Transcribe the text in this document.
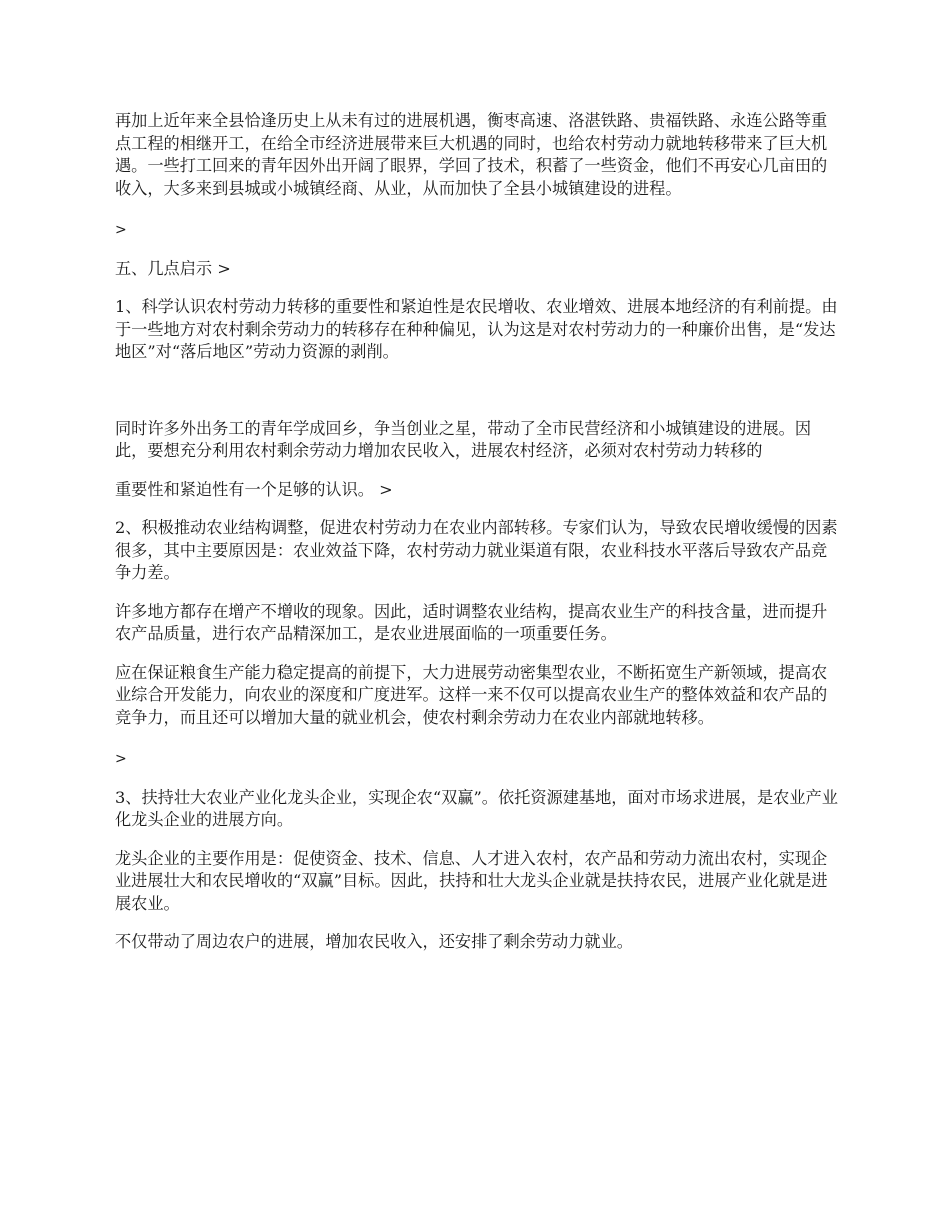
再加上近年来全县恰逢历史上从未有过的进展机遇，衡枣高速、洛湛铁路、贵福铁路、永连公路等重点工程的相继开工，在给全市经济进展带来巨大机遇的同时，也给农村劳动力就地转移带来了巨大机遇。一些打工回来的青年因外出开阔了眼界，学回了技术，积蓄了一些资金，他们不再安心几亩田的收入，大多来到县城或小城镇经商、从业，从而加快了全县小城镇建设的进程。

>

五、几点启示 >

1、科学认识农村劳动力转移的重要性和紧迫性是农民增收、农业增效、进展本地经济的有利前提。由于一些地方对农村剩余劳动力的转移存在种种偏见，认为这是对农村劳动力的一种廉价出售，是“发达地区”对“落后地区”劳动力资源的剥削。

同时许多外出务工的青年学成回乡，争当创业之星，带动了全市民营经济和小城镇建设的进展。因此，要想充分利用农村剩余劳动力增加农民收入，进展农村经济，必须对农村劳动力转移的

重要性和紧迫性有一个足够的认识。 >

2、积极推动农业结构调整，促进农村劳动力在农业内部转移。专家们认为，导致农民增收缓慢的因素很多，其中主要原因是：农业效益下降，农村劳动力就业渠道有限，农业科技水平落后导致农产品竞争力差。

许多地方都存在增产不增收的现象。因此，适时调整农业结构，提高农业生产的科技含量，进而提升农产品质量，进行农产品精深加工，是农业进展面临的一项重要任务。

应在保证粮食生产能力稳定提高的前提下，大力进展劳动密集型农业，不断拓宽生产新领域，提高农业综合开发能力，向农业的深度和广度进军。这样一来不仅可以提高农业生产的整体效益和农产品的竞争力，而且还可以增加大量的就业机会，使农村剩余劳动力在农业内部就地转移。

>

3、扶持壮大农业产业化龙头企业，实现企农“双赢”。依托资源建基地，面对市场求进展，是农业产业化龙头企业的进展方向。

龙头企业的主要作用是：促使资金、技术、信息、人才进入农村，农产品和劳动力流出农村，实现企业进展壮大和农民增收的“双赢”目标。因此，扶持和壮大龙头企业就是扶持农民，进展产业化就是进展农业。

不仅带动了周边农户的进展，增加农民收入，还安排了剩余劳动力就业。
